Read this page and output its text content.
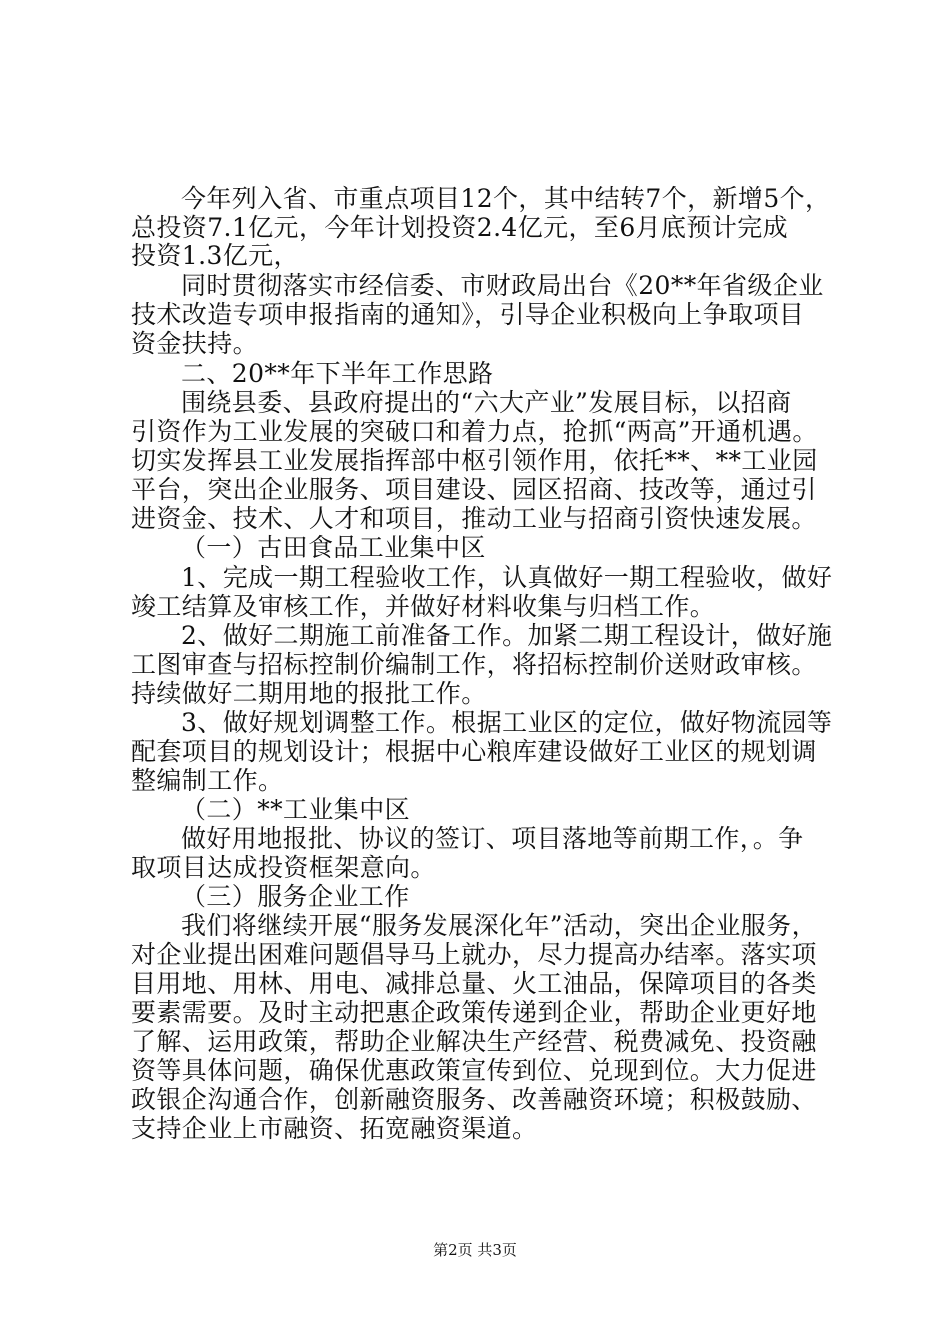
今年列入省、市重点项目12个，其中结转7个，新增5个，
总投资7.1亿元，今年计划投资2.4亿元，至6月底预计完成
投资1.3亿元，
同时贯彻落实市经信委、市财政局出台《20**年省级企业
技术改造专项申报指南的通知》，引导企业积极向上争取项目
资金扶持。
二、20**年下半年工作思路
围绕县委、县政府提出的“六大产业”发展目标，以招商
引资作为工业发展的突破口和着力点，抢抓“两高”开通机遇。
切实发挥县工业发展指挥部中枢引领作用，依托**、**工业园
平台，突出企业服务、项目建设、园区招商、技改等，通过引
进资金、技术、人才和项目，推动工业与招商引资快速发展。
（一）古田食品工业集中区
1、完成一期工程验收工作，认真做好一期工程验收，做好
竣工结算及审核工作，并做好材料收集与归档工作。
2、做好二期施工前准备工作。加紧二期工程设计，做好施
工图审查与招标控制价编制工作，将招标控制价送财政审核。
持续做好二期用地的报批工作。
3、做好规划调整工作。根据工业区的定位，做好物流园等
配套项目的规划设计；根据中心粮库建设做好工业区的规划调
整编制工作。
（二）**工业集中区
做好用地报批、协议的签订、项目落地等前期工作，。争
取项目达成投资框架意向。
（三）服务企业工作
我们将继续开展“服务发展深化年”活动，突出企业服务，
对企业提出困难问题倡导马上就办，尽力提高办结率。落实项
目用地、用林、用电、减排总量、火工油品，保障项目的各类
要素需要。及时主动把惠企政策传递到企业，帮助企业更好地
了解、运用政策，帮助企业解决生产经营、税费减免、投资融
资等具体问题，确保优惠政策宣传到位、兑现到位。大力促进
政银企沟通合作，创新融资服务、改善融资环境；积极鼓励、
支持企业上市融资、拓宽融资渠道。
第2页 共3页
